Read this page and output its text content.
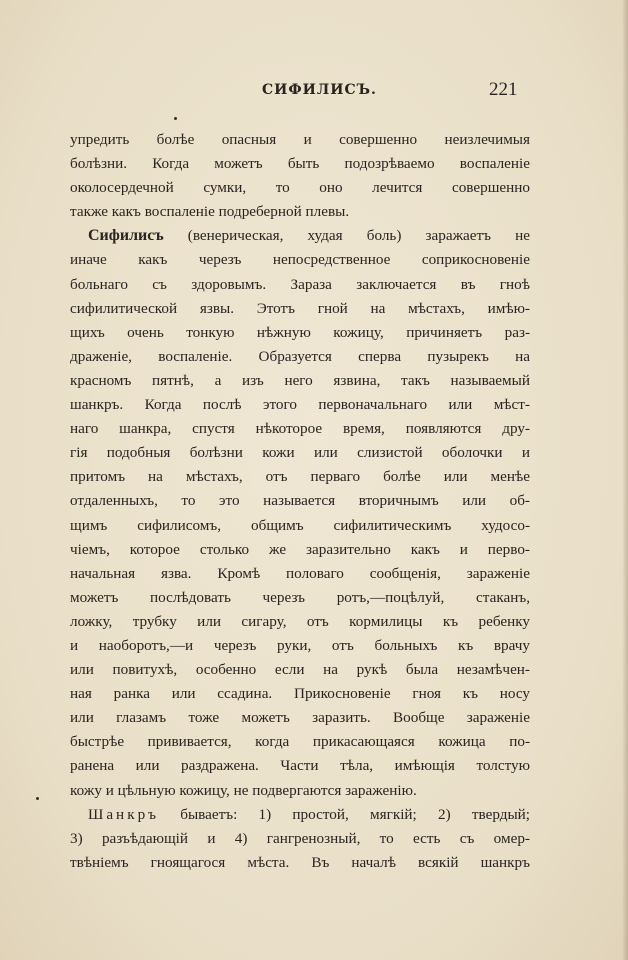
СИФИЛИСЪ.	221
упредить болѣе опасныя и совершенно неизлечимыя
болѣзни. Когда можетъ быть подозрѣваемо воспаленіе
околосердечной сумки, то оно лечится совершенно
также какъ воспаленіе подреберной плевы.
Сифилисъ (венерическая, худая боль) заражаетъ не
иначе какъ черезъ непосредственное соприкосновеніе
больнаго съ здоровымъ. Зараза заключается въ гноѣ
сифилитической язвы. Этотъ гной на мѣстахъ, имѣю-
щихъ очень тонкую нѣжную кожицу, причиняетъ раз-
драженіе, воспаленіе. Образуется сперва пузырекъ на
красномъ пятнѣ, а изъ него язвина, такъ называемый
шанкръ. Когда послѣ этого первоначальнаго или мѣст-
наго шанкра, спустя нѣкоторое время, появляются дру-
гія подобныя болѣзни кожи или слизистой оболочки и
притомъ на мѣстахъ, отъ перваго болѣе или менѣе
отдаленныхъ, то это называется вторичнымъ или об-
щимъ сифилисомъ, общимъ сифилитическимъ худосо-
чіемъ, которое столько же заразительно какъ и перво-
начальная язва. Кромѣ половаго сообщенія, зараженіе
можетъ послѣдовать черезъ ротъ,—поцѣлуй, стаканъ,
ложку, трубку или сигару, отъ кормилицы къ ребенку
и наоборотъ,—и черезъ руки, отъ больныхъ къ врачу
или повитухѣ, особенно если на рукѣ была незамѣчен-
ная ранка или ссадина. Прикосновеніе гноя къ носу
или глазамъ тоже можетъ заразить. Вообще зараженіе
быстрѣе прививается, когда прикасающаяся кожица по-
ранена или раздражена. Части тѣла, имѣющія толстую
кожу и цѣльную кожицу, не подвергаются зараженію.
Шанкръ бываетъ: 1) простой, мягкій; 2) твердый;
3) разъѣдающій и 4) гангренозный, то есть съ омер-
твѣніемъ гноящагося мѣста. Въ началѣ всякій шанкръ
